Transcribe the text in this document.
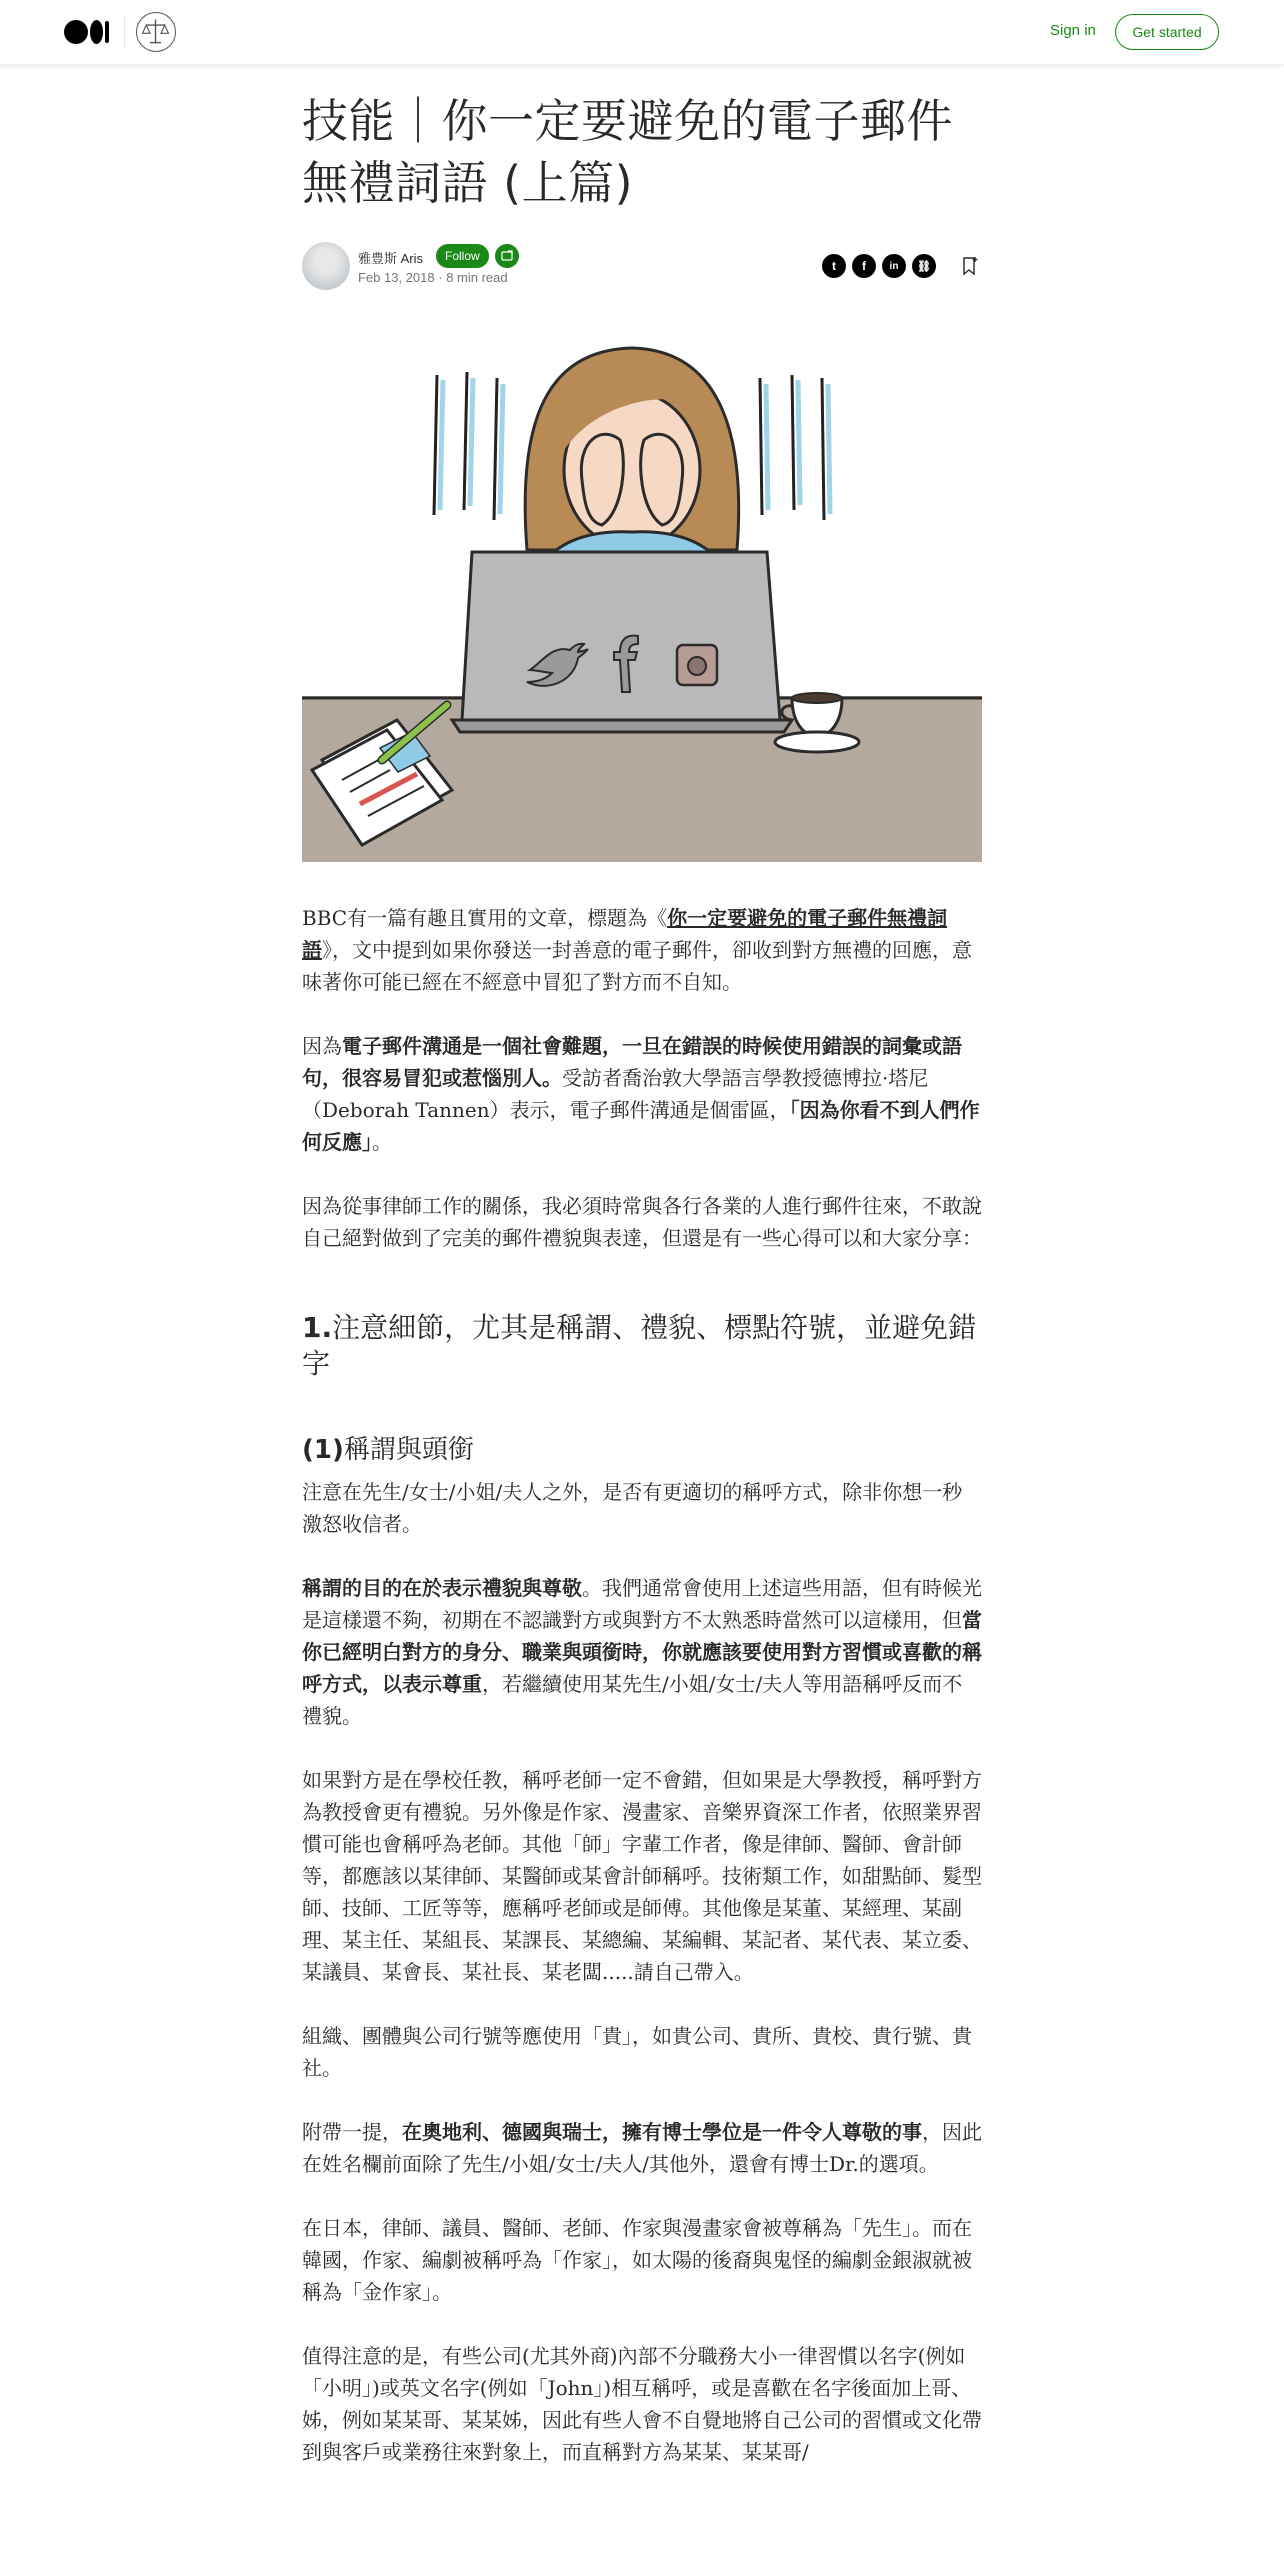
Sign in	Get started
技能｜你一定要避免的電子郵件無禮詞語 (上篇)
雅豊斯 Aris	Follow
Feb 13, 2018 · 8 min read
t	f	in	⛓

BBC有一篇有趣且實用的文章，標題為《你一定要避免的電子郵件無禮詞語》，文中提到如果你發送一封善意的電子郵件，卻收到對方無禮的回應，意味著你可能已經在不經意中冒犯了對方而不自知。

因為電子郵件溝通是一個社會難題，一旦在錯誤的時候使用錯誤的詞彙或語句，很容易冒犯或惹惱別人。受訪者喬治敦大學語言學教授德博拉·塔尼（Deborah Tannen）表示，電子郵件溝通是個雷區，「因為你看不到人們作何反應」。

因為從事律師工作的關係，我必須時常與各行各業的人進行郵件往來，不敢說自己絕對做到了完美的郵件禮貌與表達，但還是有一些心得可以和大家分享：

1.注意細節，尤其是稱謂、禮貌、標點符號，並避免錯字
(1)稱謂與頭銜

注意在先生/女士/小姐/夫人之外，是否有更適切的稱呼方式，除非你想一秒激怒收信者。

稱謂的目的在於表示禮貌與尊敬。我們通常會使用上述這些用語，但有時候光是這樣還不夠，初期在不認識對方或與對方不太熟悉時當然可以這樣用，但當你已經明白對方的身分、職業與頭銜時，你就應該要使用對方習慣或喜歡的稱呼方式，以表示尊重，若繼續使用某先生/小姐/女士/夫人等用語稱呼反而不禮貌。

如果對方是在學校任教，稱呼老師一定不會錯，但如果是大學教授，稱呼對方為教授會更有禮貌。另外像是作家、漫畫家、音樂界資深工作者，依照業界習慣可能也會稱呼為老師。其他「師」字輩工作者，像是律師、醫師、會計師等，都應該以某律師、某醫師或某會計師稱呼。技術類工作，如甜點師、髮型師、技師、工匠等等，應稱呼老師或是師傅。其他像是某董、某經理、某副理、某主任、某組長、某課長、某總編、某編輯、某記者、某代表、某立委、某議員、某會長、某社長、某老闆.....請自己帶入。

組織、團體與公司行號等應使用「貴」，如貴公司、貴所、貴校、貴行號、貴社。

附帶一提，在奧地利、德國與瑞士，擁有博士學位是一件令人尊敬的事，因此在姓名欄前面除了先生/小姐/女士/夫人/其他外，還會有博士Dr.的選項。

在日本，律師、議員、醫師、老師、作家與漫畫家會被尊稱為「先生」。而在韓國，作家、編劇被稱呼為「作家」，如太陽的後裔與鬼怪的編劇金銀淑就被稱為「金作家」。

值得注意的是，有些公司(尤其外商)內部不分職務大小一律習慣以名字(例如「小明」)或英文名字(例如「John」)相互稱呼，或是喜歡在名字後面加上哥、姊，例如某某哥、某某姊，因此有些人會不自覺地將自己公司的習慣或文化帶到與客戶或業務往來對象上，而直稱對方為某某、某某哥/
